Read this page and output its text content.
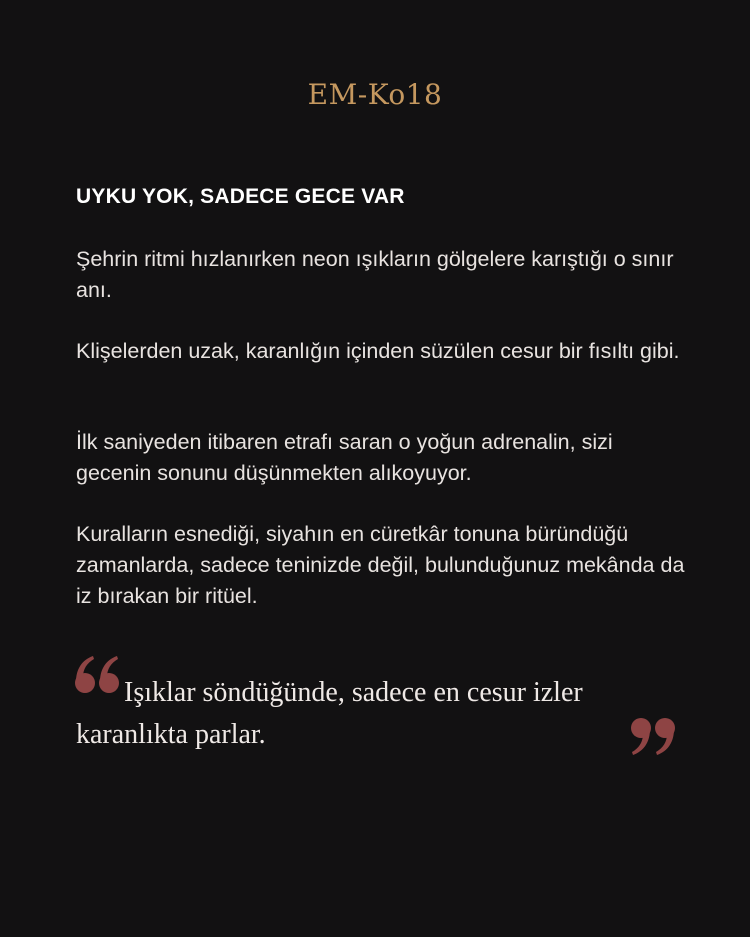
EM-Ko18
UYKU YOK, SADECE GECE VAR
Şehrin ritmi hızlanırken neon ışıkların gölgelere karıştığı o sınır anı.
Klişelerden uzak, karanlığın içinden süzülen cesur bir fısıltı gibi.
İlk saniyeden itibaren etrafı saran o yoğun adrenalin, sizi gecenin sonunu düşünmekten alıkoyuyor.
Kuralların esnediği, siyahın en cüretkâr tonuna büründüğü zamanlarda, sadece teninizde değil, bulunduğunuz mekânda da iz bırakan bir ritüel.
Işıklar söndüğünde, sadece en cesur izler karanlıkta parlar.
